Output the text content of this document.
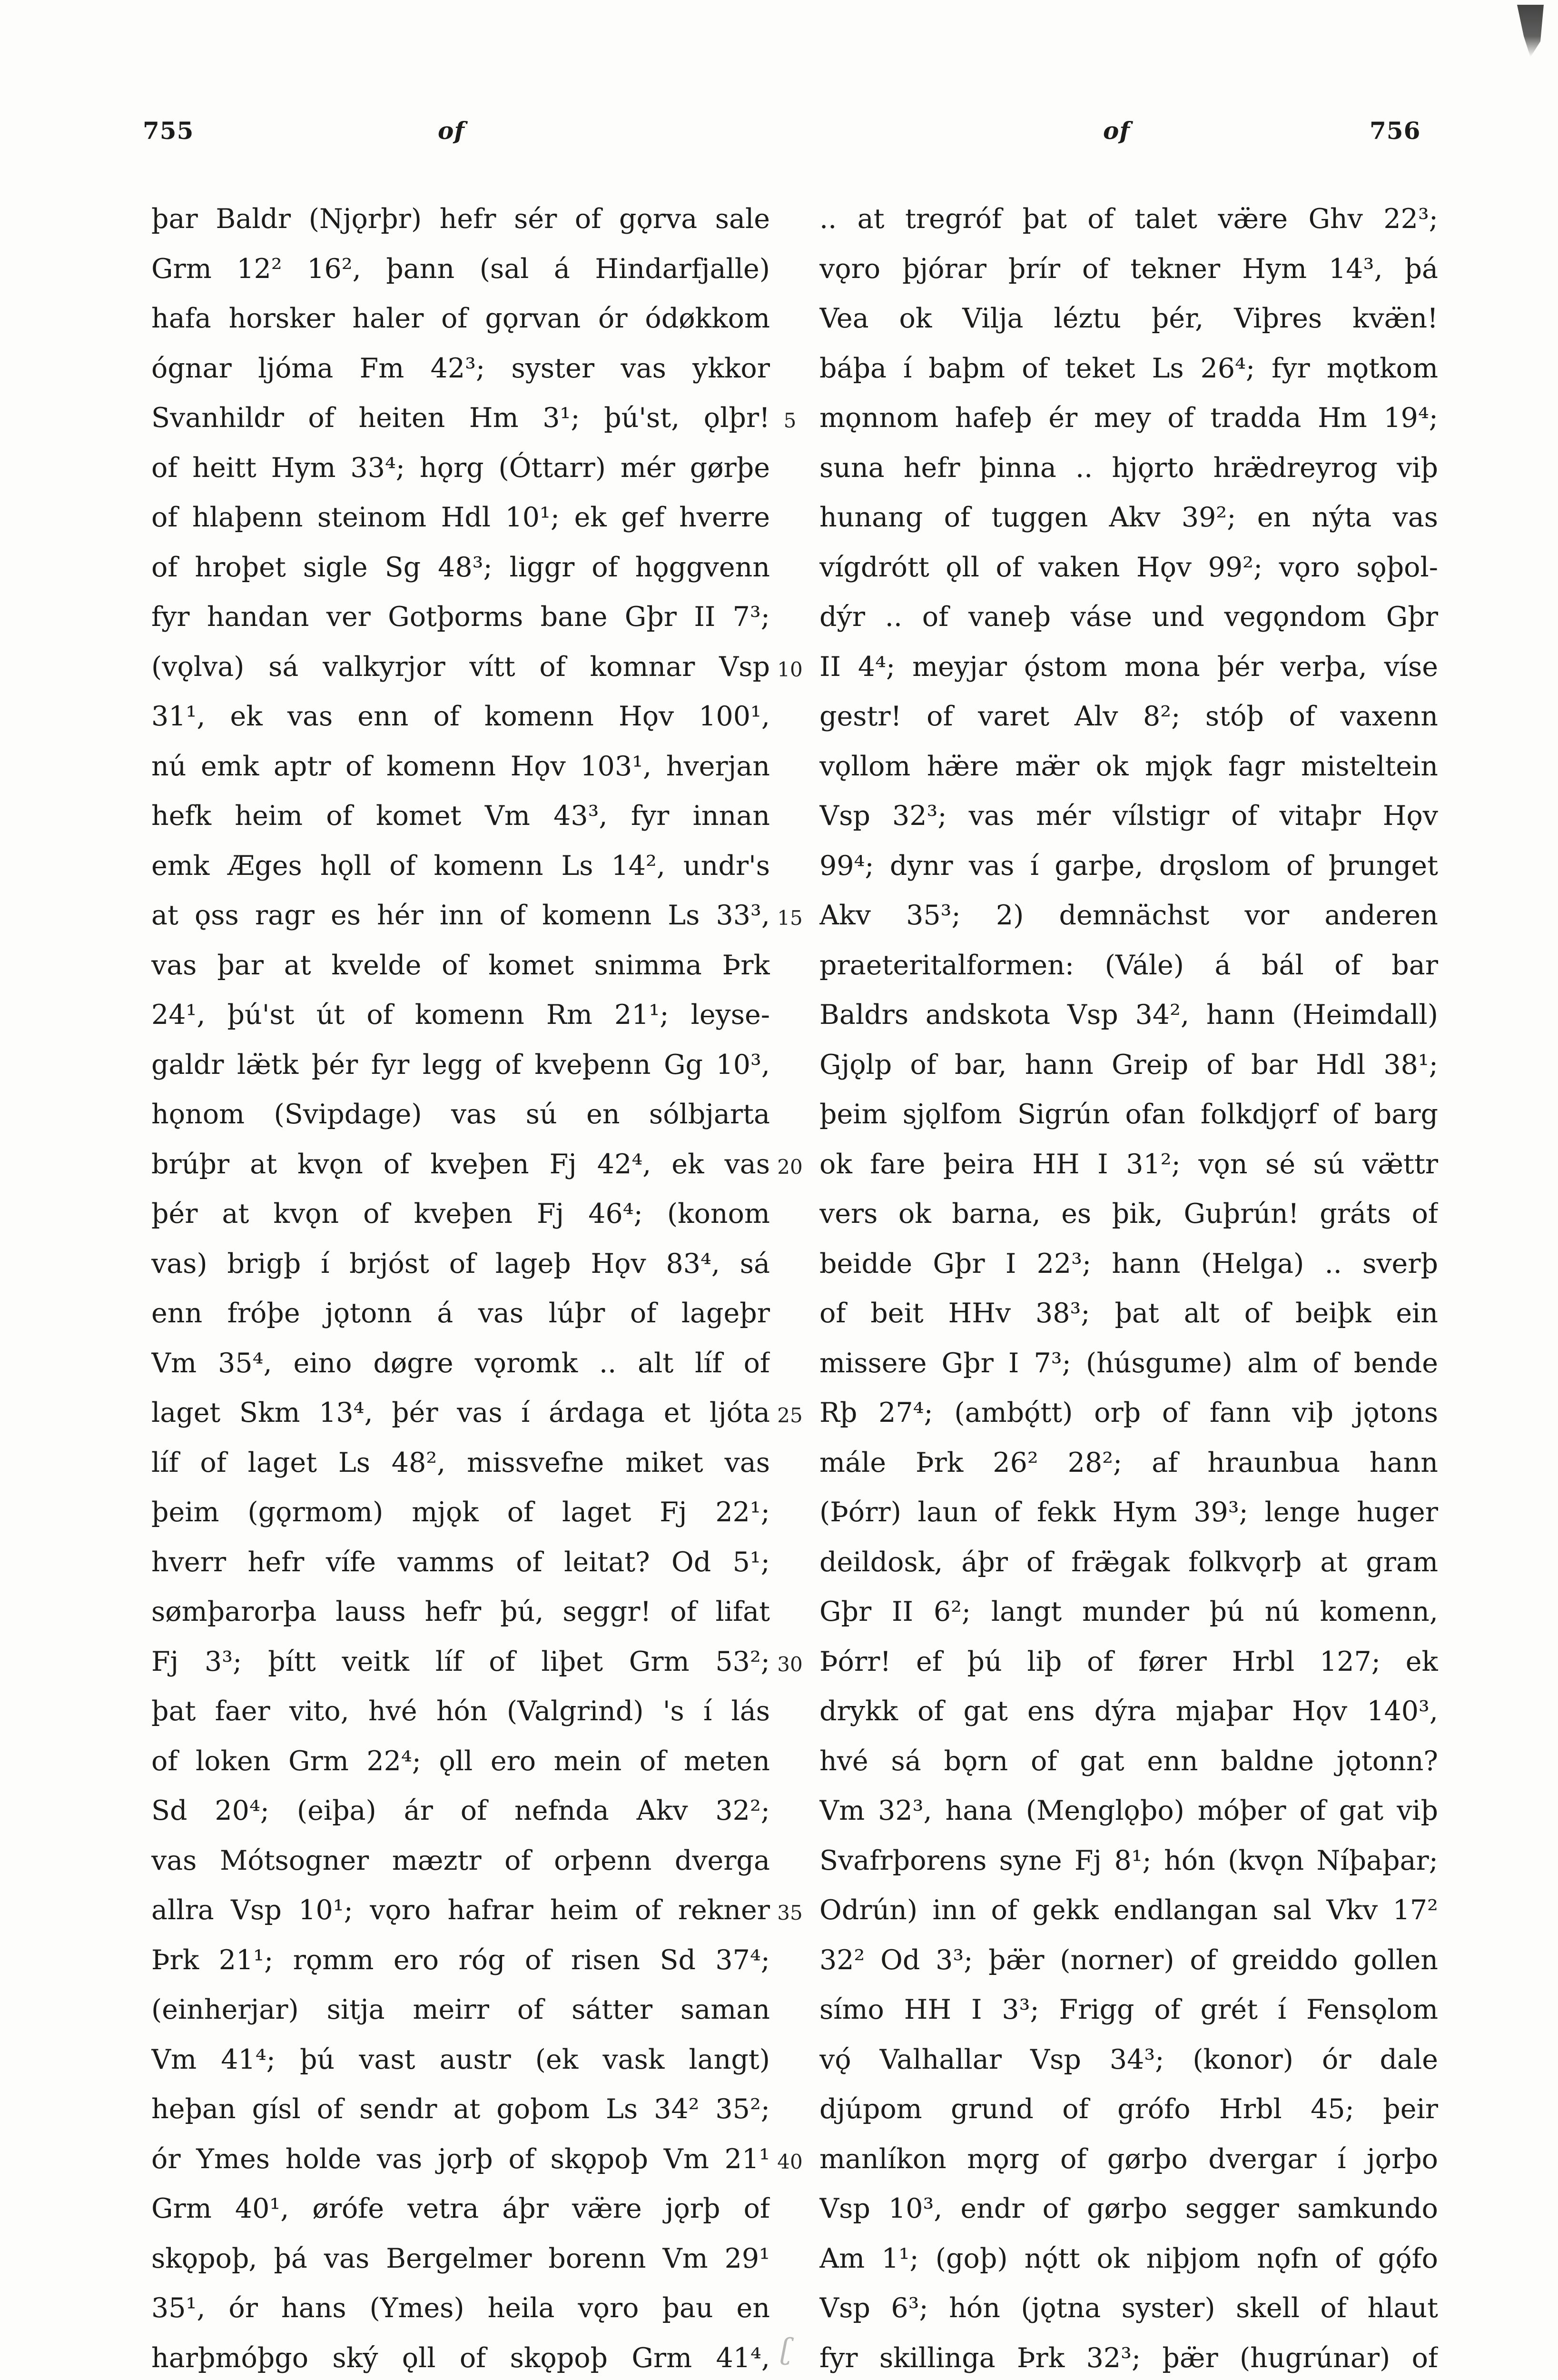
755	of	of	756
þar Baldr (Njǫrþr) hefr sér of gǫrva sale
Grm 12² 16², þann (sal á Hindarfjalle)
hafa horsker haler of gǫrvan ór ódøkkom
ógnar ljóma Fm 42³; syster vas ykkor
Svanhildr of heiten Hm 3¹; þú'st, ǫlþr!
of heitt Hym 33⁴; hǫrg (Óttarr) mér gørþe
of hlaþenn steinom Hdl 10¹; ek gef hverre
of hroþet sigle Sg 48³; liggr of hǫggvenn
fyr handan ver Gotþorms bane Gþr II 7³;
(vǫlva) sá valkyrjor vítt of komnar Vsp
31¹, ek vas enn of komenn Hǫv 100¹,
nú emk aptr of komenn Hǫv 103¹, hverjan
hefk heim of komet Vm 43³, fyr innan
emk Æges hǫll of komenn Ls 14², undr's
at ǫss ragr es hér inn of komenn Ls 33³,
vas þar at kvelde of komet snimma Þrk
24¹, þú'st út of komenn Rm 21¹; leyse-
galdr læ̈tk þér fyr legg of kveþenn Gg 10³,
hǫnom (Svipdage) vas sú en sólbjarta
brúþr at kvǫn of kveþen Fj 42⁴, ek vas
þér at kvǫn of kveþen Fj 46⁴; (konom
vas) brigþ í brjóst of lageþ Hǫv 83⁴, sá
enn fróþe jǫtonn á vas lúþr of lageþr
Vm 35⁴, eino døgre vǫromk .. alt líf of
laget Skm 13⁴, þér vas í árdaga et ljóta
líf of laget Ls 48², missvefne miket vas
þeim (gǫrmom) mjǫk of laget Fj 22¹;
hverr hefr vífe vamms of leitat? Od 5¹;
sømþarorþa lauss hefr þú, seggr! of lifat
Fj 3³; þítt veitk líf of liþet Grm 53²;
þat faer vito, hvé hón (Valgrind) 's í lás
of loken Grm 22⁴; ǫll ero mein of meten
Sd 20⁴; (eiþa) ár of nefnda Akv 32²;
vas Mótsogner mæztr of orþenn dverga
allra Vsp 10¹; vǫro hafrar heim of rekner
Þrk 21¹; rǫmm ero róg of risen Sd 37⁴;
(einherjar) sitja meirr of sátter saman
Vm 41⁴; þú vast austr (ek vask langt)
heþan gísl of sendr at goþom Ls 34² 35²;
ór Ymes holde vas jǫrþ of skǫpoþ Vm 21¹
Grm 40¹, ørófe vetra áþr væ̈re jǫrþ of
skǫpoþ, þá vas Bergelmer borenn Vm 29¹
35¹, ór hans (Ymes) heila vǫro þau en
harþmóþgo ský ǫll of skǫpoþ Grm 41⁴,
5
10
15
20
25
30
35
40
.. at tregróf þat of talet væ̈re Ghv 22³;
vǫro þjórar þrír of tekner Hym 14³, þá
Vea ok Vilja léztu þér, Viþres kvæ̈n!
báþa í baþm of teket Ls 26⁴; fyr mǫtkom
mǫnnom hafeþ ér mey of tradda Hm 19⁴;
suna hefr þinna .. hjǫrto hræ̈dreyrog viþ
hunang of tuggen Akv 39²; en nýta vas
vígdrótt ǫll of vaken Hǫv 99²; vǫro sǫþol-
dýr .. of vaneþ váse und vegǫndom Gþr
II 4⁴; meyjar ǫ́stom mona þér verþa, víse
gestr! of varet Alv 8²; stóþ of vaxenn
vǫllom hæ̈re mæ̈r ok mjǫk fagr misteltein
Vsp 32³; vas mér vílstigr of vitaþr Hǫv
99⁴; dynr vas í garþe, drǫslom of þrunget
Akv 35³; 2) demnächst vor anderen
praeteritalformen: (Vále) á bál of bar
Baldrs andskota Vsp 34², hann (Heimdall)
Gjǫlp of bar, hann Greip of bar Hdl 38¹;
þeim sjǫlfom Sigrún ofan folkdjǫrf of barg
ok fare þeira HH I 31²; vǫn sé sú væ̈ttr
vers ok barna, es þik, Guþrún! gráts of
beidde Gþr I 22³; hann (Helga) .. sverþ
of beit HHv 38³; þat alt of beiþk ein
missere Gþr I 7³; (húsgume) alm of bende
Rþ 27⁴; (ambǫ́tt) orþ of fann viþ jǫtons
mále Þrk 26² 28²; af hraunbua hann
(Þórr) laun of fekk Hym 39³; lenge huger
deildosk, áþr of fræ̈gak folkvǫrþ at gram
Gþr II 6²; langt munder þú nú komenn,
Þórr! ef þú liþ of fører Hrbl 127; ek
drykk of gat ens dýra mjaþar Hǫv 140³,
hvé sá bǫrn of gat enn baldne jǫtonn?
Vm 32³, hana (Menglǫþo) móþer of gat viþ
Svafrþorens syne Fj 8¹; hón (kvǫn Níþaþar;
Odrún) inn of gekk endlangan sal Vkv 17²
32² Od 3³; þæ̈r (norner) of greiddo gollen
símo HH I 3³; Frigg of grét í Fensǫlom
vǫ́ Valhallar Vsp 34³; (konor) ór dale
djúpom grund of grófo Hrbl 45; þeir
manlíkon mǫrg of gørþo dvergar í jǫrþo
Vsp 10³, endr of gørþo segger samkundo
Am 1¹; (goþ) nǫ́tt ok niþjom nǫfn of gǫ́fo
Vsp 6³; hón (jǫtna syster) skell of hlaut
fyr skillinga Þrk 32³; þæ̈r (hugrúnar) of
ʗ
